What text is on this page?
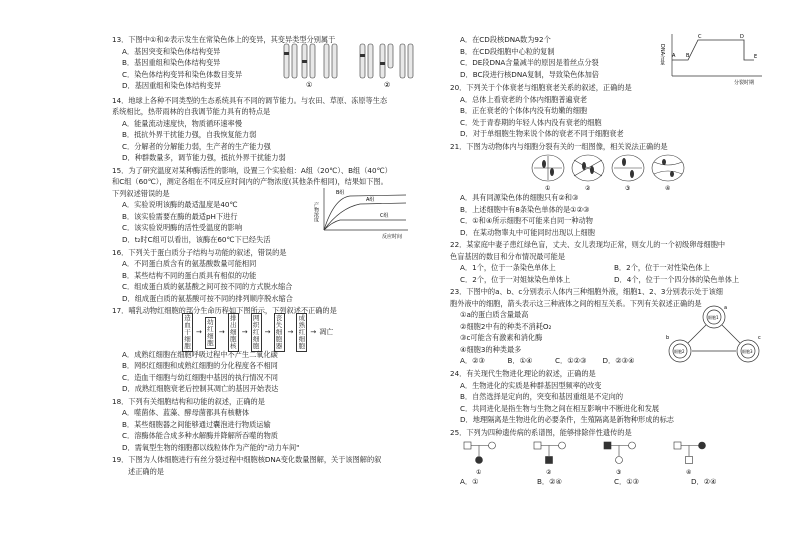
13．下图中①和②表示发生在常染色体上的变异，其变异类型分别属于
A．基因突变和染色体结构变异
B．基因重组和染色体结构变异
C．染色体结构变异和染色体数目变异
D．基因重组和染色体结构变异	①	②
14．地球上各种不同类型的生态系统具有不同的调节能力。与农田、草原、冻原等生态
系统相比，热带雨林的自我调节能力具有的特点是
A．能量流动速度快，物质循环速率慢
B．抵抗外界干扰能力强，自我恢复能力弱
C．分解者的分解能力弱，生产者的生产能力强
D．种群数量多，调节能力强，抵抗外界干扰能力弱
15．为了研究温度对某种酶活性的影响，设置三个实验组：A组（20℃）、B组（40℃）
和C组（60℃），测定各组在不同反应时间内的产物浓度(其他条件相同)，结果如下图。
下列叙述错误的是
A．实验说明该酶的最适温度是40℃
B．该实验需要在酶的最适pH下进行
C．该实验说明酶的活性受温度的影响
D．t₂时C组可以看出，该酶在60℃下已经失活
产物浓度
B组
A组
C组
反应时间
16．下列关于蛋白质分子结构与功能的叙述，错误的是
A．不同蛋白质含有的氨基酸数量可能相同
B．某些结构不同的蛋白质具有相似的功能
C．组成蛋白质的氨基酸之间可按不同的方式脱水缩合
D．组成蛋白质的氨基酸可按不同的排列顺序脱水缩合
17．哺乳动物红细胞的部分生命历程如下图所示，下列叙述不正确的是
造血干细胞
→
幼红细胞
→
排出细胞核
→
网织红细胞
→
丧失细胞器
→
成熟红细胞
→ 凋亡
A．成熟红细胞在细胞呼吸过程中不产生二氧化碳
B．网织红细胞和成熟红细胞的分化程度各不相同
C．造血干细胞与幼红细胞中基因的执行情况不同
D．成熟红细胞衰老后控制其凋亡的基因开始表达
18．下列有关细胞结构和功能的叙述，正确的是
A．噬菌体、蓝藻、酵母菌都具有核糖体
B．某些细胞器之间能够通过囊泡进行物质运输
C．溶酶体能合成多种水解酶并降解所吞噬的物质
D．需氧型生物的细胞都以线粒体作为产能的"动力车间"
19．下图为人体细胞进行有丝分裂过程中细胞核DNA变化数量图解，关于该图解的叙
述正确的是
A．在CD段核DNA数为92个
B．在CD段细胞中心粒的复制
C．DE段DNA含量减半的原因是着丝点分裂
D．BC段进行核DNA复制，导致染色体加倍
DNA含量 A B
C	D
E
分裂时期
20．下列关于个体衰老与细胞衰老关系的叙述，正确的是
A．总体上看衰老的个体内细胞普遍衰老
B．正在衰老的个体体内没有幼嫩的细胞
C．处于青春期的年轻人体内没有衰老的细胞
D．对于单细胞生物来说个体的衰老不同于细胞衰老
21．下图为动物体内与细胞分裂有关的一组图像，相关说法正确的是
①	②	③	④
A．具有同源染色体的细胞只有②和③
B．上述细胞中有8条染色单体的是①②③
C．①和④所示细胞不可能来自同一种动物
D．在某动物睾丸中可能同时出现以上细胞
22．某家庭中妻子患红绿色盲，丈夫、女儿表现均正常，则女儿的一个初级卵母细胞中
色盲基因的数目和分布情况最可能是
A．1个，位于一条染色单体上	B．2个，位于一对性染色体上
C．2个，位于一对姐妹染色单体上	D．4个，位于一个四分体的染色单体上
23．下图中的a、b、c分别表示人体内三种细胞外液，细胞1、2、3分别表示处于该细
胞外液中的细胞，箭头表示这三种液体之间的相互关系。下列有关叙述正确的是
①a的蛋白质含量最高
②细胞2中有的种类不消耗O₂
③c可能含有激素和消化酶
④细胞3的种类最多
A．②③	B．①④	C．①②③	D．②③④
a
b	c
细胞1
细胞2	细胞3
24．有关现代生物进化理论的叙述，正确的是
A．生物进化的实质是种群基因型频率的改变
B．自然选择是定向的，突变和基因重组是不定向的
C．共同进化是指生物与生物之间在相互影响中不断进化和发展
D．地理隔离是生物进化的必要条件，生殖隔离是新物种形成的标志
25．下列为四种遗传病的系谱图，能够排除伴性遗传的是
①	②	③	④
A．①	B．②④	C．①③	D．②④
